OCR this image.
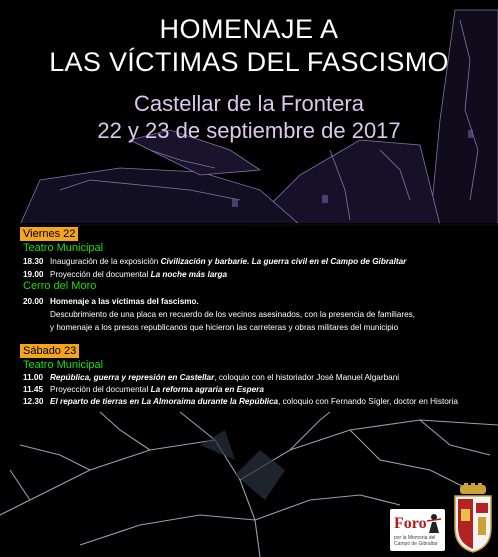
HOMENAJE A
LAS VÍCTIMAS DEL FASCISMO
Castellar de la Frontera
22 y 23 de septiembre de 2017
Viernes 22
Teatro Municipal
18.30 Inauguración de la exposición Civilización y barbarie. La guerra civil en el Campo de Gibraltar
19.00 Proyección del documental La noche más larga
Cerro del Moro
20.00 Homenaje a las víctimas del fascismo.
Descubrimiento de una placa en recuerdo de los vecinos asesinados, con la presencia de familiares,
y homenaje a los presos republicanos que hicieron las carreteras y obras militares del municipio
Sábado 23
Teatro Municipal
11.00 República, guerra y represión en Castellar, coloquio con el historiador José Manuel Algarbani
11.45 Proyección del documental La reforma agraria en Espera
12.30 El reparto de tierras en La Almoraima durante la República, coloquio con Fernando Sígler, doctor en Historia
Foro
por la Memoria del Campo de Gibraltar
